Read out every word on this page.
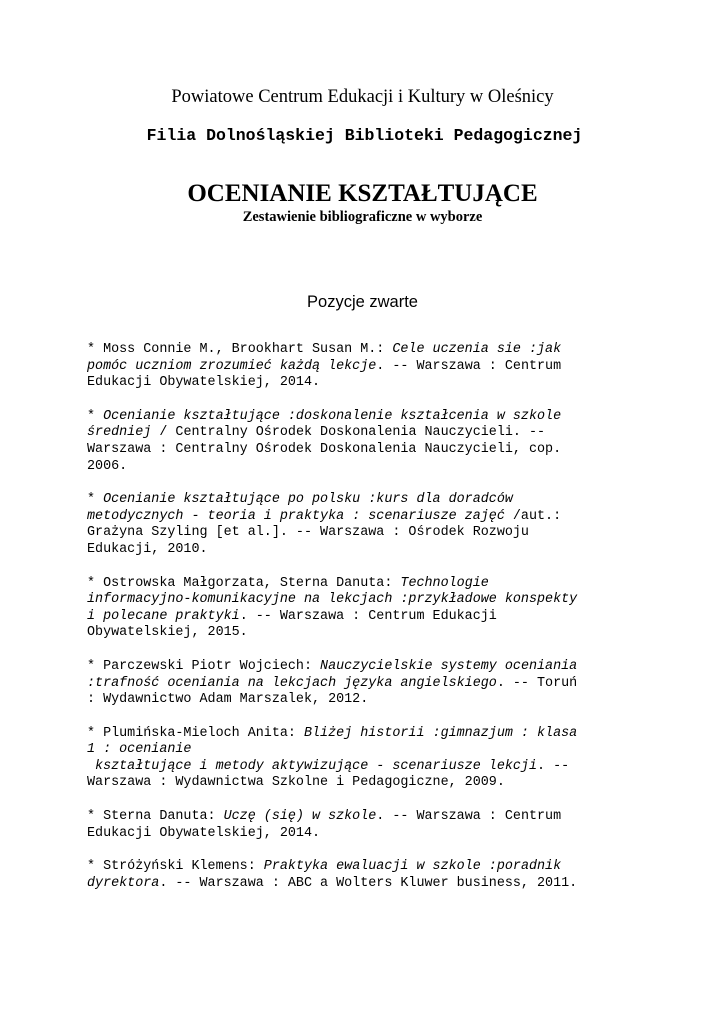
Powiatowe Centrum Edukacji i Kultury w Oleśnicy
Filia Dolnośląskiej Biblioteki Pedagogicznej
OCENIANIE KSZTAŁTUJĄCE
Zestawienie bibliograficzne w wyborze
Pozycje zwarte
* Moss Connie M., Brookhart Susan M.: Cele uczenia sie :jak
pomóc uczniom zrozumieć każdą lekcje. -- Warszawa : Centrum
Edukacji Obywatelskiej, 2014.
* Ocenianie kształtujące :doskonalenie kształcenia w szkole
średniej / Centralny Ośrodek Doskonalenia Nauczycieli. --
Warszawa : Centralny Ośrodek Doskonalenia Nauczycieli, cop.
2006.
* Ocenianie kształtujące po polsku :kurs dla doradców
metodycznych - teoria i praktyka : scenariusze zajęć /aut.:
Grażyna Szyling [et al.]. -- Warszawa : Ośrodek Rozwoju
Edukacji, 2010.
* Ostrowska Małgorzata, Sterna Danuta: Technologie
informacyjno-komunikacyjne na lekcjach :przykładowe konspekty
i polecane praktyki. -- Warszawa : Centrum Edukacji
Obywatelskiej, 2015.
* Parczewski Piotr Wojciech: Nauczycielskie systemy oceniania
:trafność oceniania na lekcjach języka angielskiego. -- Toruń
: Wydawnictwo Adam Marszalek, 2012.
* Plumińska-Mieloch Anita: Bliżej historii :gimnazjum : klasa
1 : ocenianie
kształtujące i metody aktywizujące - scenariusze lekcji. --
Warszawa : Wydawnictwa Szkolne i Pedagogiczne, 2009.
* Sterna Danuta: Uczę (się) w szkole. -- Warszawa : Centrum
Edukacji Obywatelskiej, 2014.
* Stróżyński Klemens: Praktyka ewaluacji w szkole :poradnik
dyrektora. -- Warszawa : ABC a Wolters Kluwer business, 2011.
